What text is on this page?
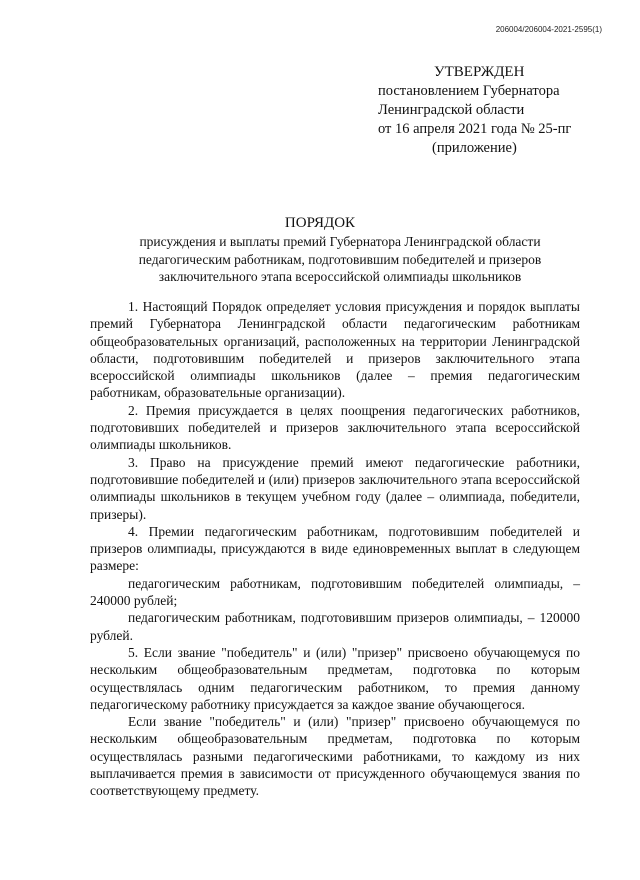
206004/206004-2021-2595(1)
УТВЕРЖДЕН
постановлением Губернатора
Ленинградской области
от 16 апреля 2021 года № 25-пг
(приложение)
ПОРЯДОК
присуждения и выплаты премий Губернатора Ленинградской области педагогическим работникам, подготовившим победителей и призеров заключительного этапа всероссийской олимпиады школьников

1. Настоящий Порядок определяет условия присуждения и порядок выплаты премий Губернатора Ленинградской области педагогическим работникам общеобразовательных организаций, расположенных на территории Ленинградской области, подготовившим победителей и призеров заключительного этапа всероссийской олимпиады школьников (далее – премия педагогическим работникам, образовательные организации).

2. Премия присуждается в целях поощрения педагогических работников, подготовивших победителей и призеров заключительного этапа всероссийской олимпиады школьников.

3. Право на присуждение премий имеют педагогические работники, подготовившие победителей и (или) призеров заключительного этапа всероссийской олимпиады школьников в текущем учебном году (далее – олимпиада, победители, призеры).

4. Премии педагогическим работникам, подготовившим победителей и призеров олимпиады, присуждаются в виде единовременных выплат в следующем размере:

педагогическим работникам, подготовившим победителей олимпиады, – 240000 рублей;

педагогическим работникам, подготовившим призеров олимпиады, – 120000 рублей.

5. Если звание "победитель" и (или) "призер" присвоено обучающемуся по нескольким общеобразовательным предметам, подготовка по которым осуществлялась одним педагогическим работником, то премия данному педагогическому работнику присуждается за каждое звание обучающегося.

Если звание "победитель" и (или) "призер" присвоено обучающемуся по нескольким общеобразовательным предметам, подготовка по которым осуществлялась разными педагогическими работниками, то каждому из них выплачивается премия в зависимости от присужденного обучающемуся звания по соответствующему предмету.
